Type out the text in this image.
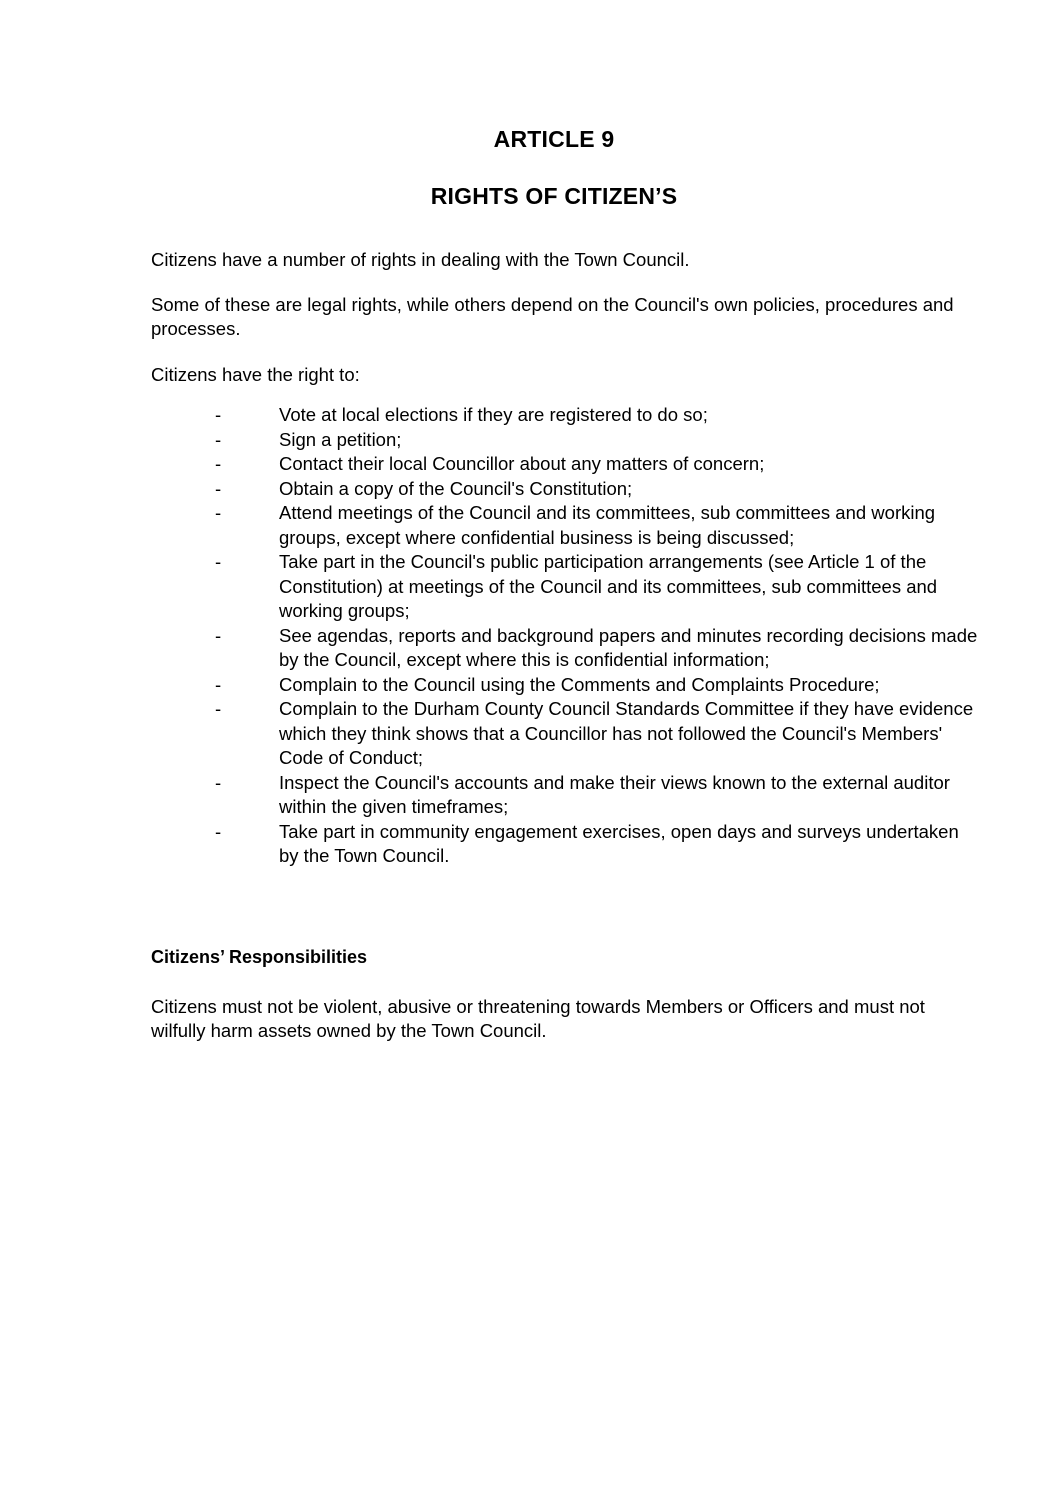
ARTICLE 9
RIGHTS OF CITIZEN’S

Citizens have a number of rights in dealing with the Town Council.

Some of these are legal rights, while others depend on the Council's own policies, procedures and processes.

Citizens have the right to:

-	Vote at local elections if they are registered to do so;
-	Sign a petition;
-	Contact their local Councillor about any matters of concern;
-	Obtain a copy of the Council's Constitution;
-	Attend meetings of the Council and its committees, sub committees and working groups, except where confidential business is being discussed;
-	Take part in the Council's public participation arrangements (see Article 1 of the Constitution) at meetings of the Council and its committees, sub committees and working groups;
-	See agendas, reports and background papers and minutes recording decisions made by the Council, except where this is confidential information;
-	Complain to the Council using the Comments and Complaints Procedure;
-	Complain to the Durham County Council Standards Committee if they have evidence which they think shows that a Councillor has not followed the Council's Members' Code of Conduct;
-	Inspect the Council's accounts and make their views known to the external auditor within the given timeframes;
-	Take part in community engagement exercises, open days and surveys undertaken by the Town Council.
Citizens’ Responsibilities

Citizens must not be violent, abusive or threatening towards Members or Officers and must not wilfully harm assets owned by the Town Council.
